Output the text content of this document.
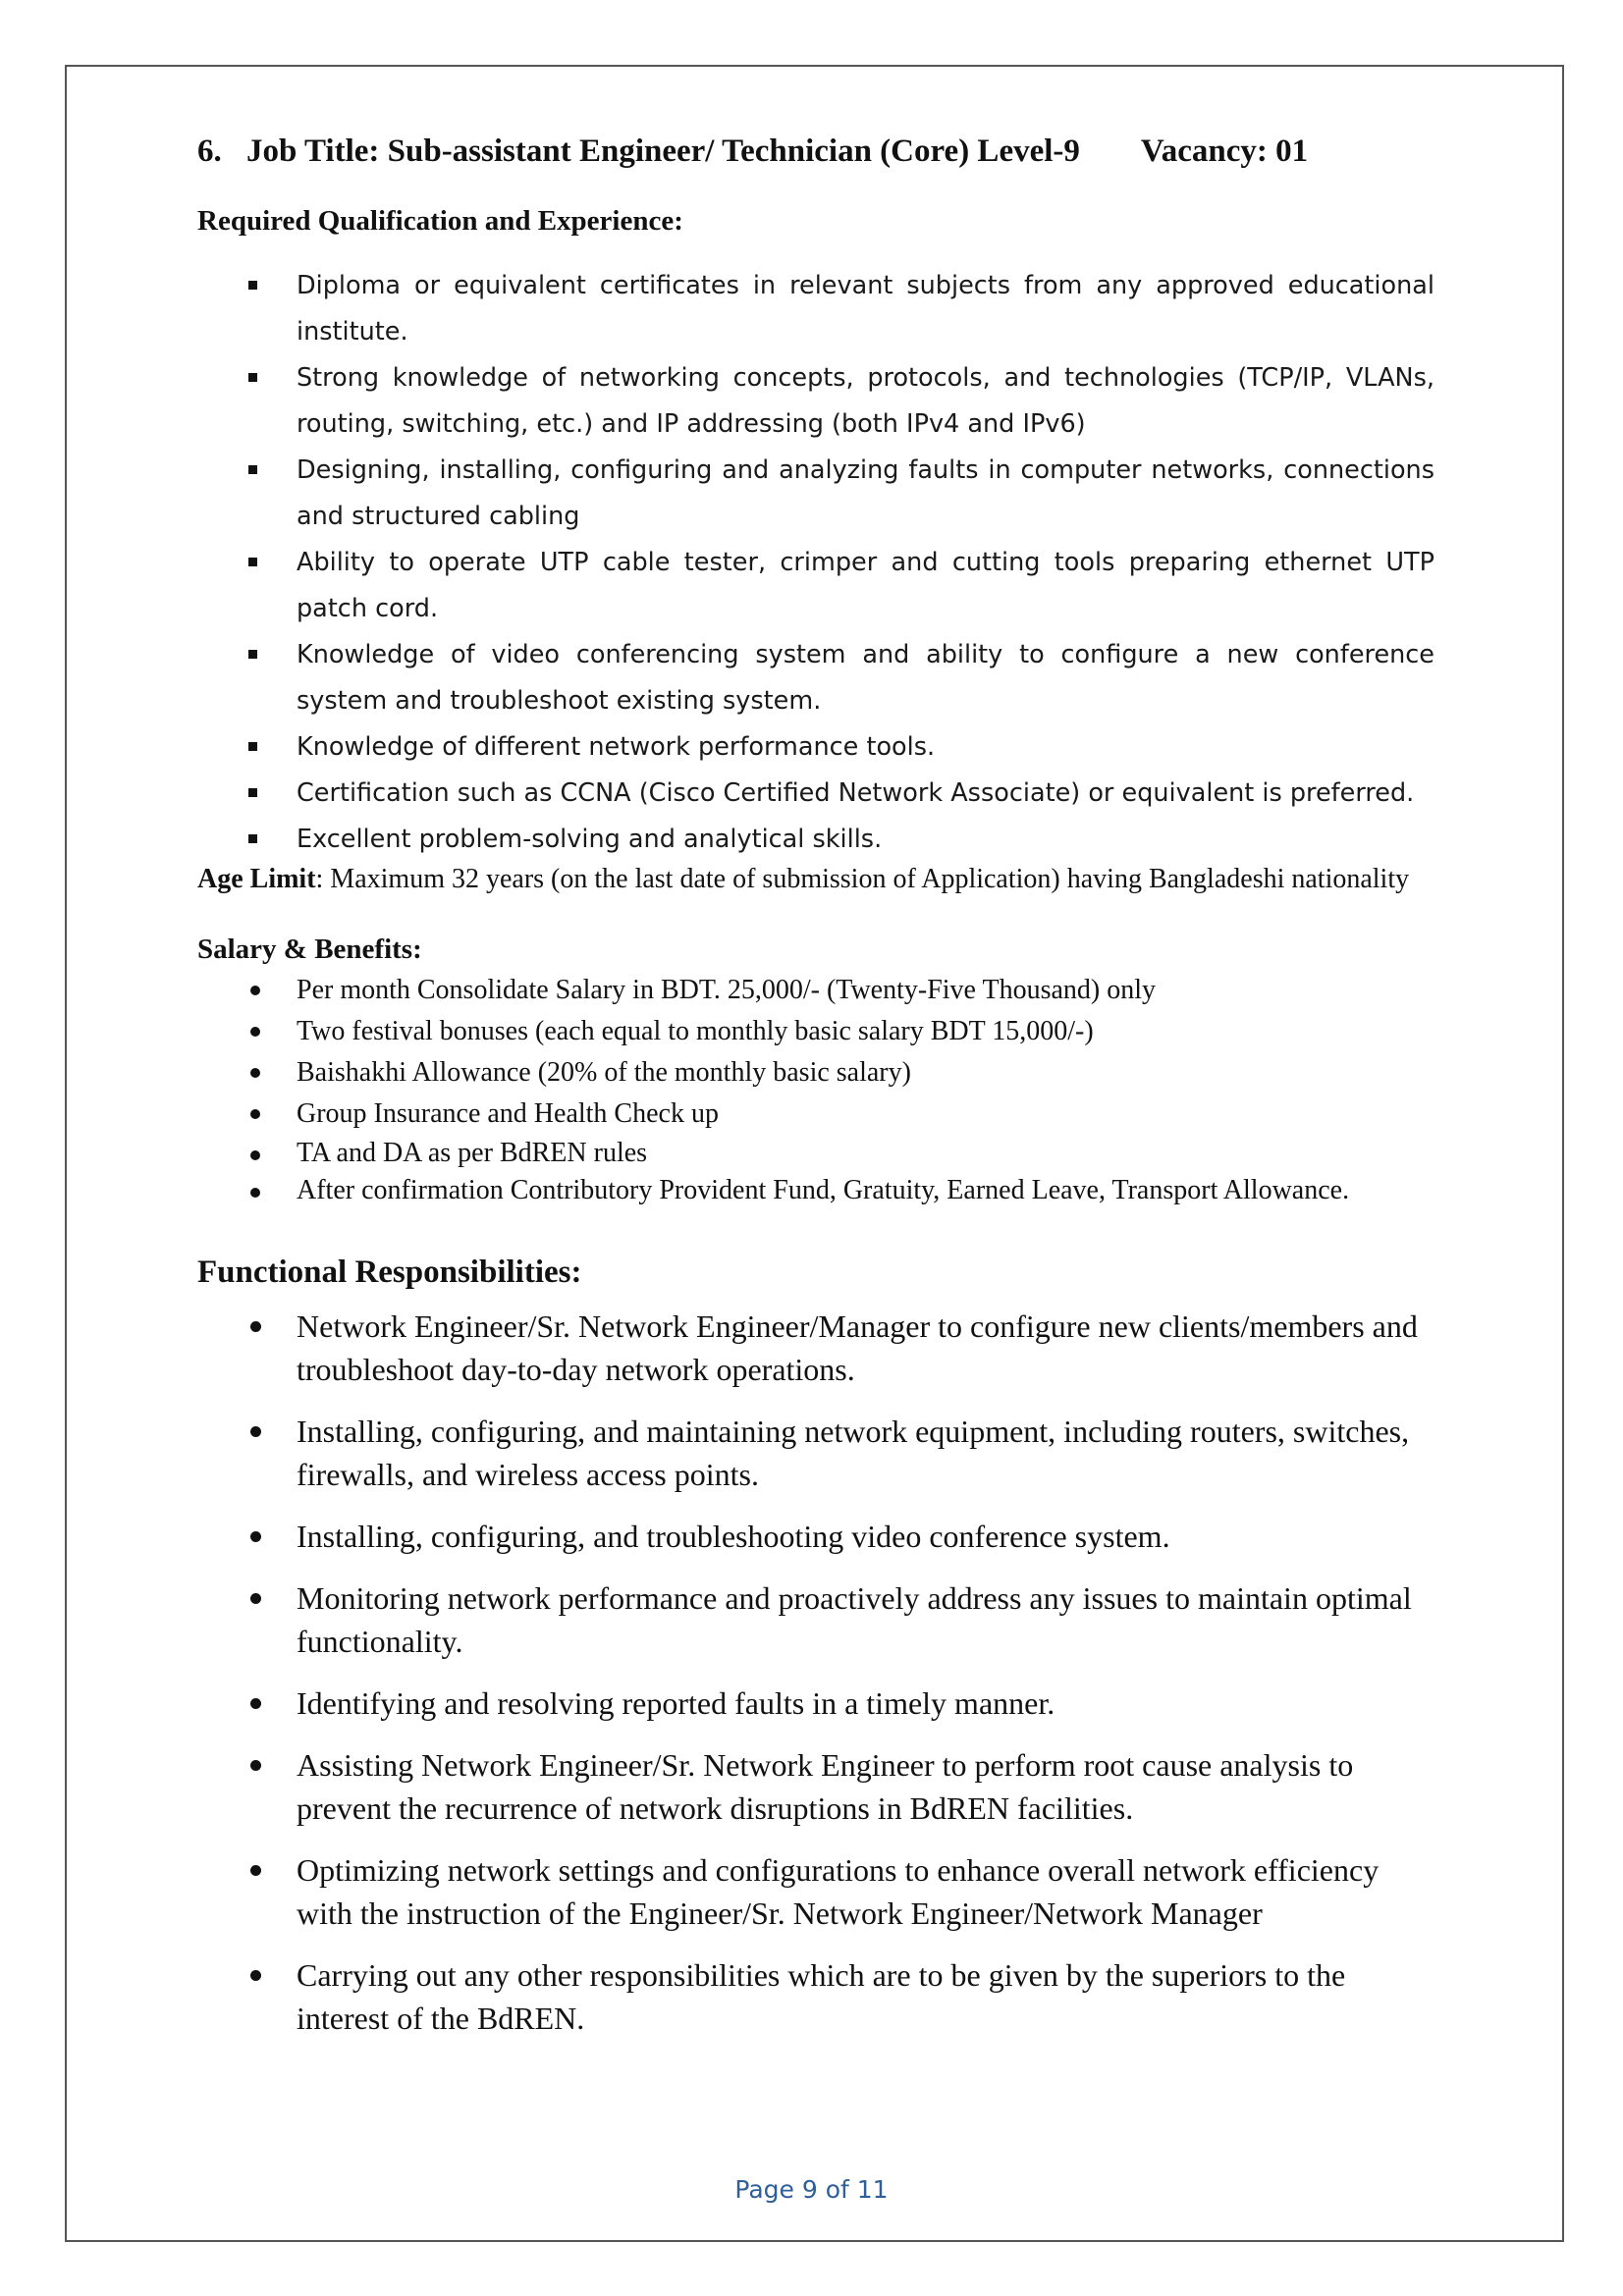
6. Job Title: Sub-assistant Engineer/ Technician (Core) Level-9 Vacancy: 01
Required Qualification and Experience:
Diploma or equivalent certificates in relevant subjects from any approved educational institute.
Strong knowledge of networking concepts, protocols, and technologies (TCP/IP, VLANs, routing, switching, etc.) and IP addressing (both IPv4 and IPv6)
Designing, installing, configuring and analyzing faults in computer networks, connections and structured cabling
Ability to operate UTP cable tester, crimper and cutting tools preparing ethernet UTP patch cord.
Knowledge of video conferencing system and ability to configure a new conference system and troubleshoot existing system.
Knowledge of different network performance tools.
Certification such as CCNA (Cisco Certified Network Associate) or equivalent is preferred.
Excellent problem-solving and analytical skills.

Age Limit: Maximum 32 years (on the last date of submission of Application) having Bangladeshi nationality

Salary & Benefits:
Per month Consolidate Salary in BDT. 25,000/- (Twenty-Five Thousand) only
Two festival bonuses (each equal to monthly basic salary BDT 15,000/-)
Baishakhi Allowance (20% of the monthly basic salary)
Group Insurance and Health Check up
TA and DA as per BdREN rules
After confirmation Contributory Provident Fund, Gratuity, Earned Leave, Transport Allowance.
Functional Responsibilities:
Network Engineer/Sr. Network Engineer/Manager to configure new clients/members and troubleshoot day-to-day network operations.
Installing, configuring, and maintaining network equipment, including routers, switches, firewalls, and wireless access points.
Installing, configuring, and troubleshooting video conference system.
Monitoring network performance and proactively address any issues to maintain optimal functionality.
Identifying and resolving reported faults in a timely manner.
Assisting Network Engineer/Sr. Network Engineer to perform root cause analysis to prevent the recurrence of network disruptions in BdREN facilities.
Optimizing network settings and configurations to enhance overall network efficiency with the instruction of the Engineer/Sr. Network Engineer/Network Manager
Carrying out any other responsibilities which are to be given by the superiors to the interest of the BdREN.
Page 9 of 11
